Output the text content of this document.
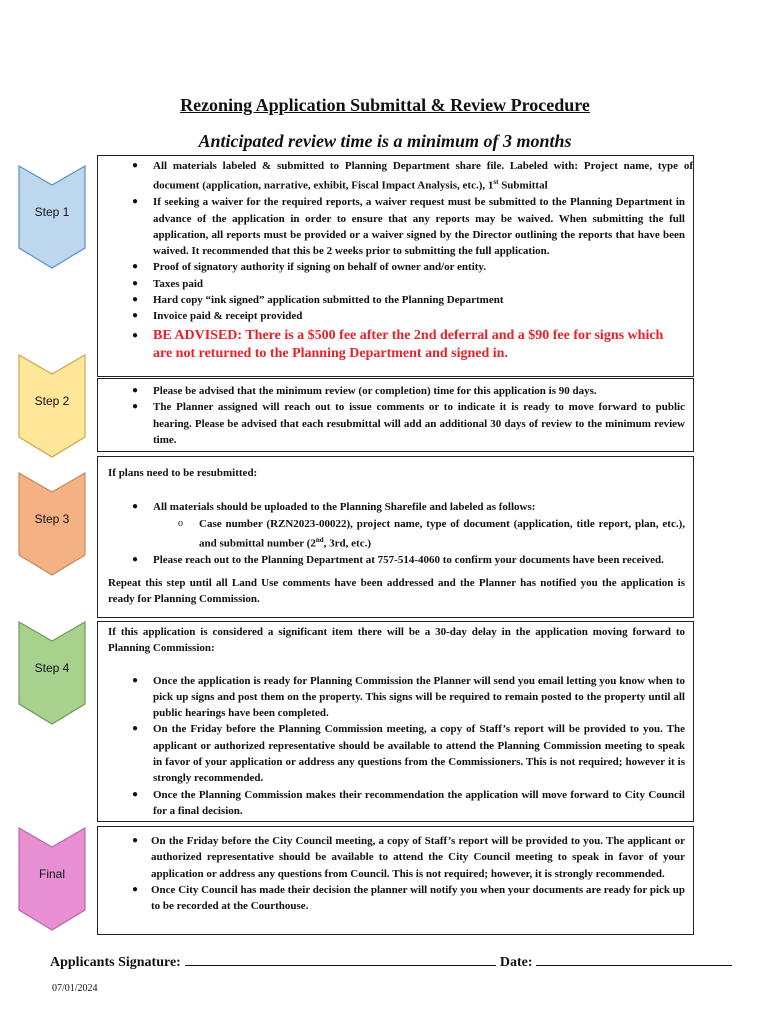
Rezoning Application Submittal & Review Procedure
Anticipated review time is a minimum of 3 months
Step 1
Step 2
Step 3
Step 4
Final
● All materials labeled & submitted to Planning Department share file. Labeled with: Project name, type of document (application, narrative, exhibit, Fiscal Impact Analysis, etc.), 1st Submittal
● If seeking a waiver for the required reports, a waiver request must be submitted to the Planning Department in advance of the application in order to ensure that any reports may be waived. When submitting the full application, all reports must be provided or a waiver signed by the Director outlining the reports that have been waived. It recommended that this be 2 weeks prior to submitting the full application.
● Proof of signatory authority if signing on behalf of owner and/or entity.
● Taxes paid
● Hard copy “ink signed” application submitted to the Planning Department
● Invoice paid & receipt provided
● BE ADVISED: There is a $500 fee after the 2nd deferral and a $90 fee for signs which are not returned to the Planning Department and signed in.
● Please be advised that the minimum review (or completion) time for this application is 90 days.
● The Planner assigned will reach out to issue comments or to indicate it is ready to move forward to public hearing. Please be advised that each resubmittal will add an additional 30 days of review to the minimum review time.

If plans need to be resubmitted:

● All materials should be uploaded to the Planning Sharefile and labeled as follows:
o Case number (RZN2023-00022), project name, type of document (application, title report, plan, etc.), and submittal number (2nd, 3rd, etc.)
● Please reach out to the Planning Department at 757-514-4060 to confirm your documents have been received.

Repeat this step until all Land Use comments have been addressed and the Planner has notified you the application is ready for Planning Commission.

If this application is considered a significant item there will be a 30-day delay in the application moving forward to Planning Commission:

● Once the application is ready for Planning Commission the Planner will send you email letting you know when to pick up signs and post them on the property. This signs will be required to remain posted to the property until all public hearings have been completed.
● On the Friday before the Planning Commission meeting, a copy of Staff’s report will be provided to you. The applicant or authorized representative should be available to attend the Planning Commission meeting to speak in favor of your application or address any questions from the Commissioners. This is not required; however it is strongly recommended.
● Once the Planning Commission makes their recommendation the application will move forward to City Council for a final decision.
● On the Friday before the City Council meeting, a copy of Staff’s report will be provided to you. The applicant or authorized representative should be available to attend the City Council meeting to speak in favor of your application or address any questions from Council. This is not required; however, it is strongly recommended.
● Once City Council has made their decision the planner will notify you when your documents are ready for pick up to be recorded at the Courthouse.
Applicants Signature:	Date:
07/01/2024
